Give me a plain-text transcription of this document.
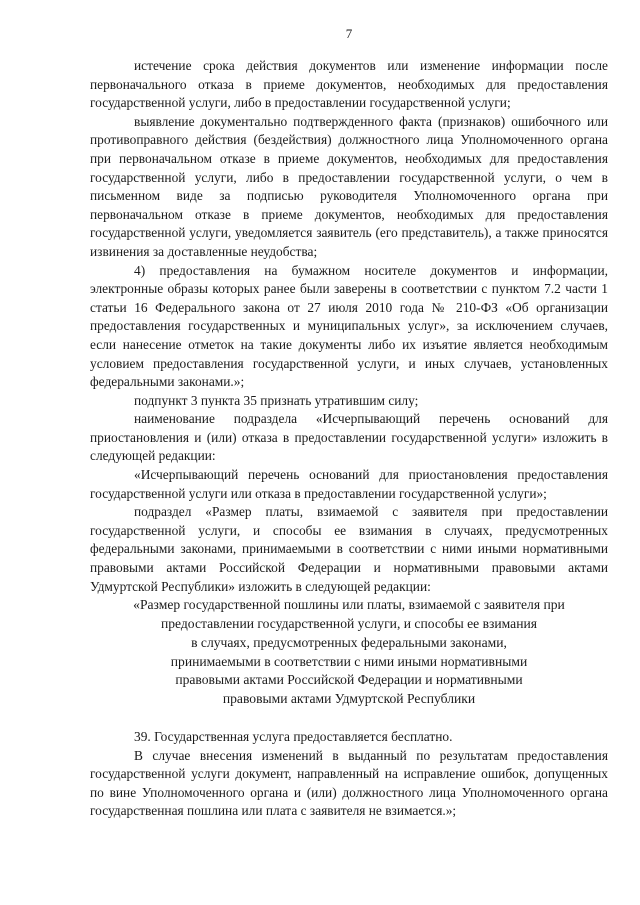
7

истечение срока действия документов или изменение информации после первоначального отказа в приеме документов, необходимых для предоставления государственной услуги, либо в предоставлении государственной услуги;

выявление документально подтвержденного факта (признаков) ошибочного или противоправного действия (бездействия) должностного лица Уполномоченного органа при первоначальном отказе в приеме документов, необходимых для предоставления государственной услуги, либо в предоставлении государственной услуги, о чем в письменном виде за подписью руководителя Уполномоченного органа при первоначальном отказе в приеме документов, необходимых для предоставления государственной услуги, уведомляется заявитель (его представитель), а также приносятся извинения за доставленные неудобства;

4) предоставления на бумажном носителе документов и информации, электронные образы которых ранее были заверены в соответствии с пунктом 7.2 части 1 статьи 16 Федерального закона от 27 июля 2010 года № 210-ФЗ «Об организации предоставления государственных и муниципальных услуг», за исключением случаев, если нанесение отметок на такие документы либо их изъятие является необходимым условием предоставления государственной услуги, и иных случаев, установленных федеральными законами.»;

подпункт 3 пункта 35 признать утратившим силу;

наименование подраздела «Исчерпывающий перечень оснований для приостановления и (или) отказа в предоставлении государственной услуги» изложить в следующей редакции:

«Исчерпывающий перечень оснований для приостановления предоставления государственной услуги или отказа в предоставлении государственной услуги»;

подраздел «Размер платы, взимаемой с заявителя при предоставлении государственной услуги, и способы ее взимания в случаях, предусмотренных федеральными законами, принимаемыми в соответствии с ними иными нормативными правовыми актами Российской Федерации и нормативными правовыми актами Удмуртской Республики» изложить в следующей редакции:

«Размер государственной пошлины или платы, взимаемой с заявителя при
предоставлении государственной услуги, и способы ее взимания
в случаях, предусмотренных федеральными законами,
принимаемыми в соответствии с ними иными нормативными
правовыми актами Российской Федерации и нормативными
правовыми актами Удмуртской Республики

39. Государственная услуга предоставляется бесплатно.

В случае внесения изменений в выданный по результатам предоставления государственной услуги документ, направленный на исправление ошибок, допущенных по вине Уполномоченного органа и (или) должностного лица Уполномоченного органа государственная пошлина или плата с заявителя не взимается.»;
